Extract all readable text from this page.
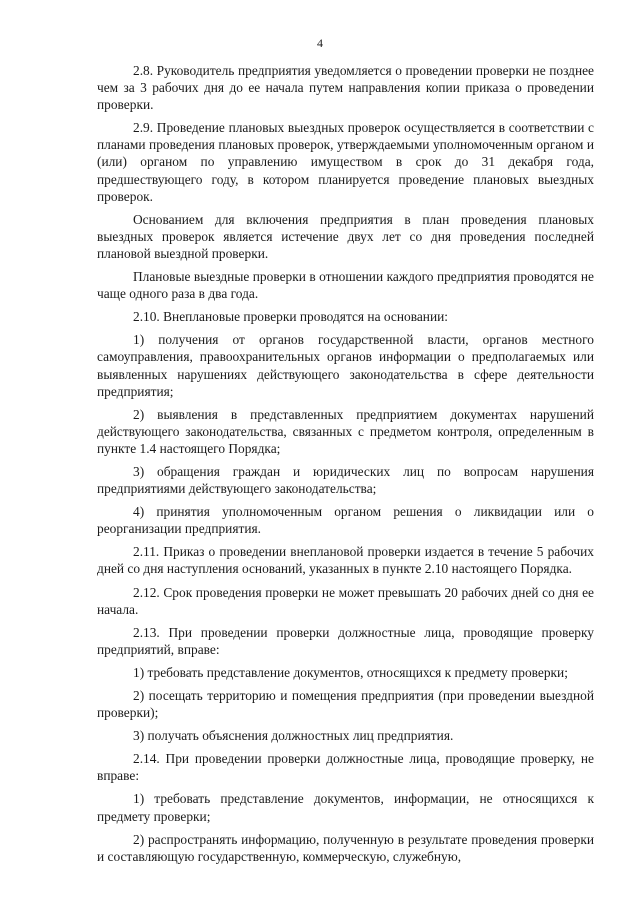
4

2.8. Руководитель предприятия уведомляется о проведении проверки не позднее чем за 3 рабочих дня до ее начала путем направления копии приказа о проведении проверки.

2.9. Проведение плановых выездных проверок осуществляется в соответствии с планами проведения плановых проверок, утверждаемыми уполномоченным органом и (или) органом по управлению имуществом в срок до 31 декабря года, предшествующего году, в котором планируется проведение плановых выездных проверок.

Основанием для включения предприятия в план проведения плановых выездных проверок является истечение двух лет со дня проведения последней плановой выездной проверки.

Плановые выездные проверки в отношении каждого предприятия проводятся не чаще одного раза в два года.

2.10. Внеплановые проверки проводятся на основании:

1) получения от органов государственной власти, органов местного самоуправления, правоохранительных органов информации о предполагаемых или выявленных нарушениях действующего законодательства в сфере деятельности предприятия;

2) выявления в представленных предприятием документах нарушений действующего законодательства, связанных с предметом контроля, определенным в пункте 1.4 настоящего Порядка;

3) обращения граждан и юридических лиц по вопросам нарушения предприятиями действующего законодательства;

4) принятия уполномоченным органом решения о ликвидации или о реорганизации предприятия.

2.11. Приказ о проведении внеплановой проверки издается в течение 5 рабочих дней со дня наступления оснований, указанных в пункте 2.10 настоящего Порядка.

2.12. Срок проведения проверки не может превышать 20 рабочих дней со дня ее начала.

2.13. При проведении проверки должностные лица, проводящие проверку предприятий, вправе:

1) требовать представление документов, относящихся к предмету проверки;

2) посещать территорию и помещения предприятия (при проведении выездной проверки);

3) получать объяснения должностных лиц предприятия.

2.14. При проведении проверки должностные лица, проводящие проверку, не вправе:

1) требовать представление документов, информации, не относящихся к предмету проверки;

2) распространять информацию, полученную в результате проведения проверки и составляющую государственную, коммерческую, служебную,
